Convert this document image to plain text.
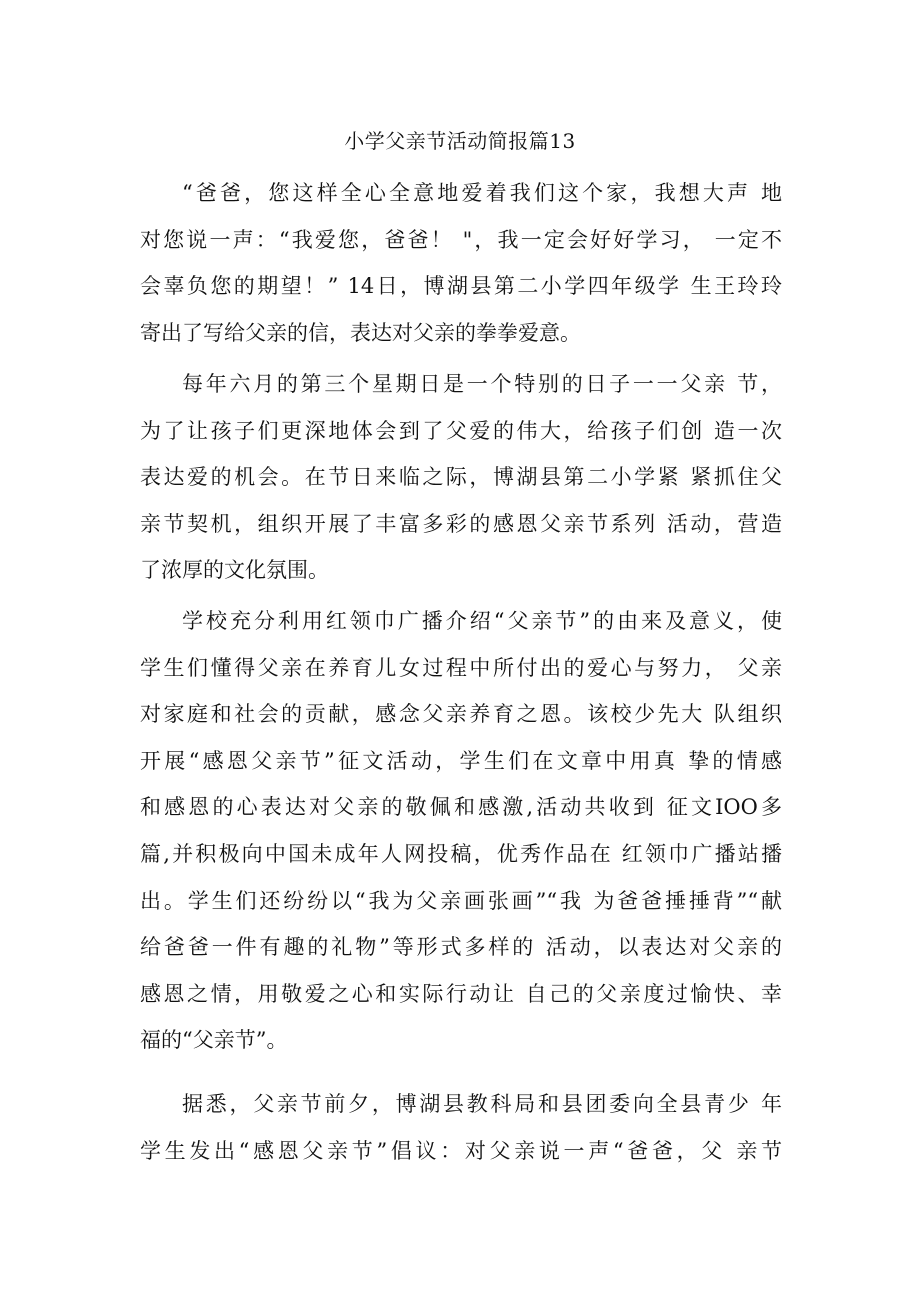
小学父亲节活动简报篇13
“爸爸，您这样全心全意地爱着我们这个家，我想大声 地
对您说一声：“我爱您，爸爸！ "，我一定会好好学习， 一定不
会辜负您的期望！” 14日，博湖县第二小学四年级学 生王玲玲
寄出了写给父亲的信，表达对父亲的拳拳爱意。
每年六月的第三个星期日是一个特别的日子一一父亲 节，
为了让孩子们更深地体会到了父爱的伟大，给孩子们创 造一次
表达爱的机会。在节日来临之际，博湖县第二小学紧 紧抓住父
亲节契机，组织开展了丰富多彩的感恩父亲节系列 活动，营造
了浓厚的文化氛围。
学校充分利用红领巾广播介绍“父亲节”的由来及意义，使
学生们懂得父亲在养育儿女过程中所付出的爱心与努力， 父亲
对家庭和社会的贡献，感念父亲养育之恩。该校少先大 队组织
开展“感恩父亲节”征文活动，学生们在文章中用真 挚的情感
和感恩的心表达对父亲的敬佩和感激,活动共收到 征文IOO多
篇,并积极向中国未成年人网投稿，优秀作品在 红领巾广播站播
出。学生们还纷纷以“我为父亲画张画”“我 为爸爸捶捶背”“献
给爸爸一件有趣的礼物”等形式多样的 活动，以表达对父亲的
感恩之情，用敬爱之心和实际行动让 自己的父亲度过愉快、幸
福的“父亲节”。
据悉，父亲节前夕，博湖县教科局和县团委向全县青少 年
学生发出“感恩父亲节”倡议：对父亲说一声“爸爸，父 亲节
